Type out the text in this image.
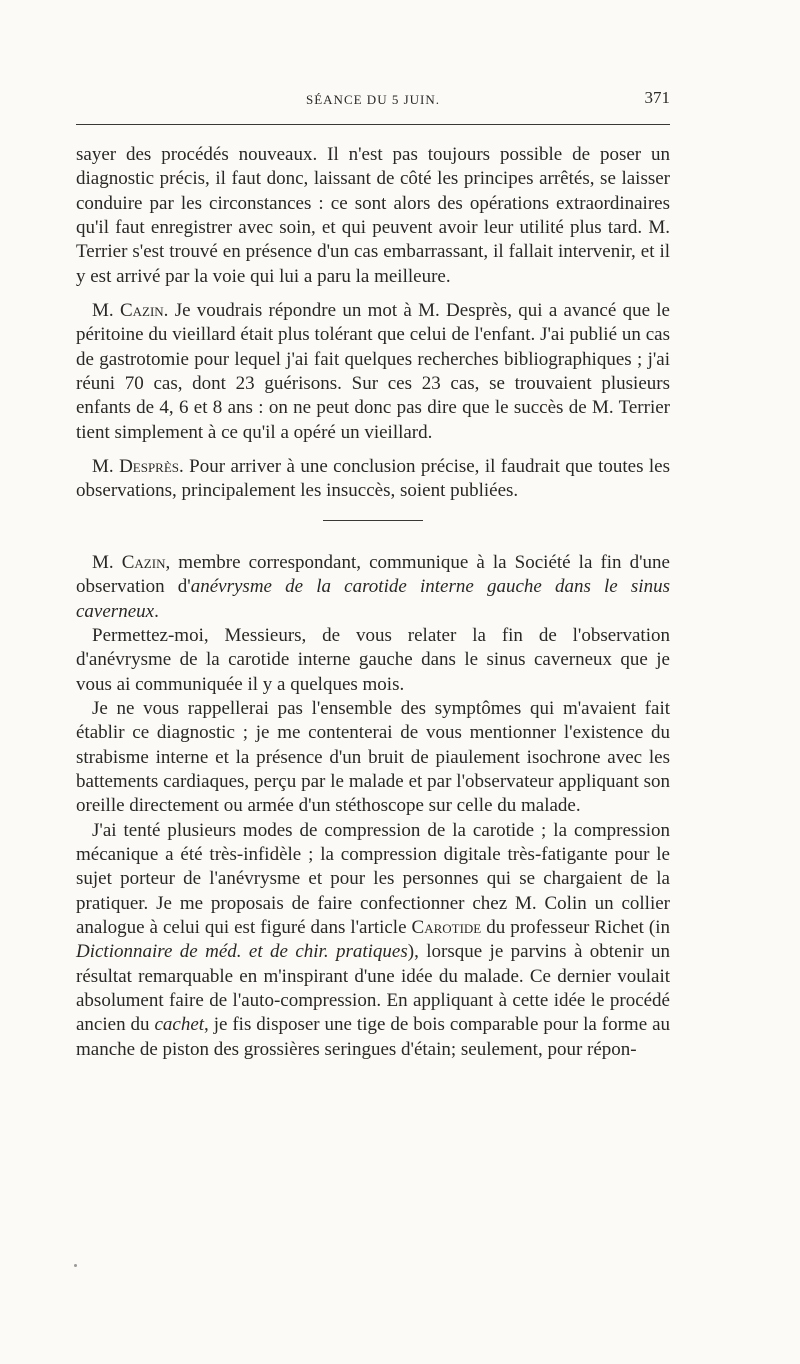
SÉANCE DU 5 JUIN.	371

sayer des procédés nouveaux. Il n'est pas toujours possible de poser un diagnostic précis, il faut donc, laissant de côté les principes arrêtés, se laisser conduire par les circonstances : ce sont alors des opérations extraordinaires qu'il faut enregistrer avec soin, et qui peuvent avoir leur utilité plus tard. M. Terrier s'est trouvé en présence d'un cas embarrassant, il fallait intervenir, et il y est arrivé par la voie qui lui a paru la meilleure.

M. Cazin. Je voudrais répondre un mot à M. Desprès, qui a avancé que le péritoine du vieillard était plus tolérant que celui de l'enfant. J'ai publié un cas de gastrotomie pour lequel j'ai fait quelques recherches bibliographiques ; j'ai réuni 70 cas, dont 23 guérisons. Sur ces 23 cas, se trouvaient plusieurs enfants de 4, 6 et 8 ans : on ne peut donc pas dire que le succès de M. Terrier tient simplement à ce qu'il a opéré un vieillard.

M. Desprès. Pour arriver à une conclusion précise, il faudrait que toutes les observations, principalement les insuccès, soient publiées.

M. Cazin, membre correspondant, communique à la Société la fin d'une observation d'anévrysme de la carotide interne gauche dans le sinus caverneux.

Permettez-moi, Messieurs, de vous relater la fin de l'observation d'anévrysme de la carotide interne gauche dans le sinus caverneux que je vous ai communiquée il y a quelques mois.

Je ne vous rappellerai pas l'ensemble des symptômes qui m'avaient fait établir ce diagnostic ; je me contenterai de vous mentionner l'existence du strabisme interne et la présence d'un bruit de piaulement isochrone avec les battements cardiaques, perçu par le malade et par l'observateur appliquant son oreille directement ou armée d'un stéthoscope sur celle du malade.

J'ai tenté plusieurs modes de compression de la carotide ; la compression mécanique a été très-infidèle ; la compression digitale très-fatigante pour le sujet porteur de l'anévrysme et pour les personnes qui se chargaient de la pratiquer. Je me proposais de faire confectionner chez M. Colin un collier analogue à celui qui est figuré dans l'article Carotide du professeur Richet (in Dictionnaire de méd. et de chir. pratiques), lorsque je parvins à obtenir un résultat remarquable en m'inspirant d'une idée du malade. Ce dernier voulait absolument faire de l'auto-compression. En appliquant à cette idée le procédé ancien du cachet, je fis disposer une tige de bois comparable pour la forme au manche de piston des grossières seringues d'étain; seulement, pour répon-
